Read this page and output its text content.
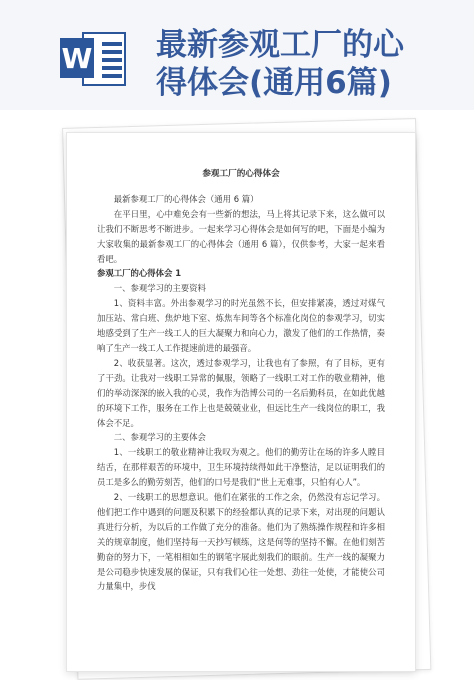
W 最新参观工厂的心
得体会(通用6篇)
参观工厂的心得体会

最新参观工厂的心得体会（通用 6 篇）

在平日里，心中难免会有一些新的想法，马上将其记录下来，这么做可以让我们不断思考不断进步。一起来学习心得体会是如何写的吧，下面是小编为大家收集的最新参观工厂的心得体会（通用 6 篇），仅供参考，大家一起来看看吧。

参观工厂的心得体会 1

一、参观学习的主要资料

1、资料丰富。外出参观学习的时光虽然不长，但安排紧凑，透过对煤气加压站、常白班、焦炉地下室、炼焦车间等各个标准化岗位的参观学习，切实地感受到了生产一线工人的巨大凝聚力和向心力，激发了他们的工作热情，奏响了生产一线工人工作提速前进的最强音。

2、收获显著。这次，透过参观学习，让我也有了参照，有了目标，更有了干劲。让我对一线职工异常的佩服，领略了一线职工对工作的敬业精神，他们的举动深深的嵌入我的心灵，我作为浩博公司的一名后勤科员，在如此优越的环境下工作，服务在工作上也是兢兢业业，但远比生产一线岗位的职工，我体会不足。

二、参观学习的主要体会

1、一线职工的敬业精神让我叹为观之。他们的勤劳让在场的许多人瞠目结舌，在那样艰苦的环境中，卫生环境持续得如此干净整洁，足以证明我们的员工是多么的勤劳刻苦，他们的口号是我们“世上无难事，只怕有心人”。

2、一线职工的思想意识。他们在紧张的工作之余，仍然没有忘记学习。他们把工作中遇到的问题及积累下的经验都认真的记录下来，对出现的问题认真进行分析，为以后的工作做了充分的准备。他们为了熟练操作规程和许多相关的规章制度，他们坚持每一天抄写顿练，这是何等的坚持不懈。在他们刻苦勤奋的努力下，一笔相相如生的钢笔字展此刻我们的眼前。生产一线的凝聚力是公司稳步快速发展的保证，只有我们心往一处想、劲往一处使，才能使公司力量集中，步伐
